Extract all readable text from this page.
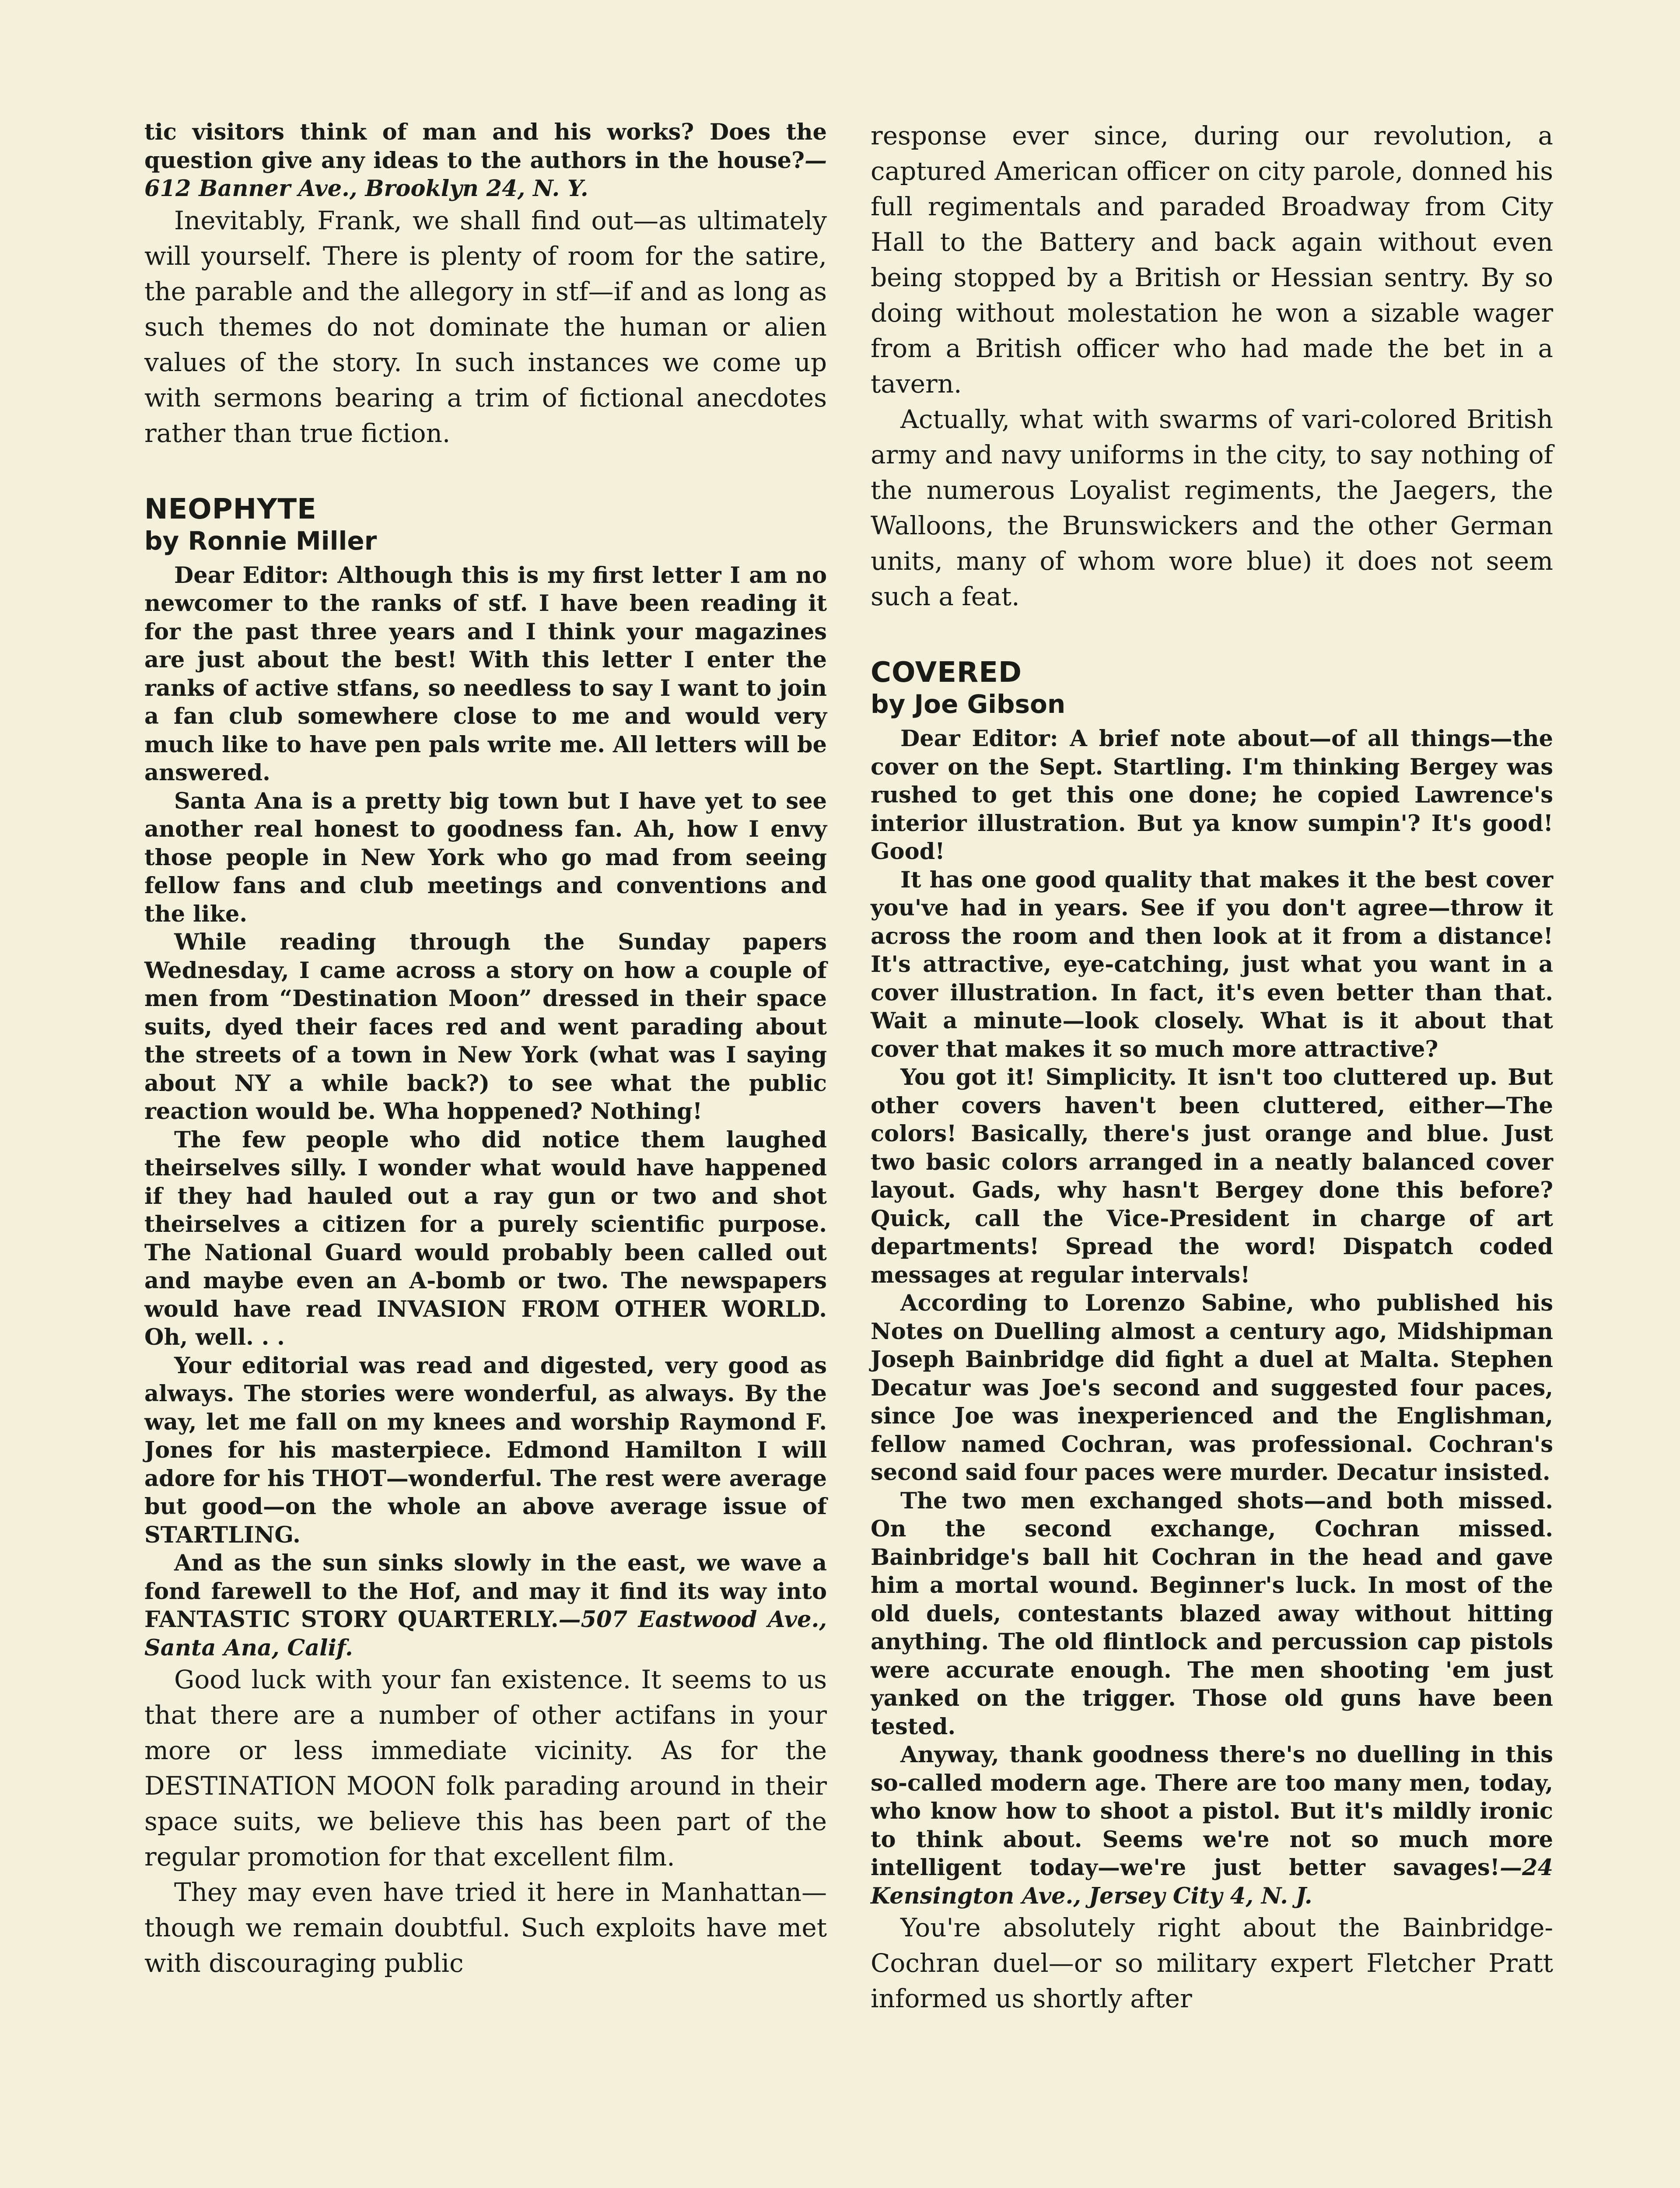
tic visitors think of man and his works? Does the question give any ideas to the authors in the house?—612 Banner Ave., Brooklyn 24, N. Y.

Inevitably, Frank, we shall find out—as ultimately will yourself. There is plenty of room for the satire, the parable and the allegory in stf—if and as long as such themes do not dominate the human or alien values of the story. In such instances we come up with sermons bearing a trim of fictional anecdotes rather than true fiction.

NEOPHYTE
by Ronnie Miller

Dear Editor: Although this is my first letter I am no newcomer to the ranks of stf. I have been reading it for the past three years and I think your magazines are just about the best! With this letter I enter the ranks of active stfans, so needless to say I want to join a fan club somewhere close to me and would very much like to have pen pals write me. All letters will be answered.

Santa Ana is a pretty big town but I have yet to see another real honest to goodness fan. Ah, how I envy those people in New York who go mad from seeing fellow fans and club meetings and conventions and the like.

While reading through the Sunday papers Wednesday, I came across a story on how a couple of men from “Destination Moon” dressed in their space suits, dyed their faces red and went parading about the streets of a town in New York (what was I saying about NY a while back?) to see what the public reaction would be. Wha hoppened? Nothing!

The few people who did notice them laughed theirselves silly. I wonder what would have happened if they had hauled out a ray gun or two and shot theirselves a citizen for a purely scientific purpose. The National Guard would probably been called out and maybe even an A-bomb or two. The newspapers would have read INVASION FROM OTHER WORLD. Oh, well. . .

Your editorial was read and digested, very good as always. The stories were wonderful, as always. By the way, let me fall on my knees and worship Raymond F. Jones for his masterpiece. Edmond Hamilton I will adore for his THOT—wonderful. The rest were average but good—on the whole an above average issue of STARTLING.

And as the sun sinks slowly in the east, we wave a fond farewell to the Hof, and may it find its way into FANTASTIC STORY QUARTERLY.—507 Eastwood Ave., Santa Ana, Calif.

Good luck with your fan existence. It seems to us that there are a number of other actifans in your more or less immediate vicinity. As for the DESTINATION MOON folk parading around in their space suits, we believe this has been part of the regular promotion for that excellent film.

They may even have tried it here in Manhattan—though we remain doubtful. Such exploits have met with discouraging public

response ever since, during our revolution, a captured American officer on city parole, donned his full regimentals and paraded Broadway from City Hall to the Battery and back again without even being stopped by a British or Hessian sentry. By so doing without molestation he won a sizable wager from a British officer who had made the bet in a tavern.

Actually, what with swarms of vari-colored British army and navy uniforms in the city, to say nothing of the numerous Loyalist regiments, the Jaegers, the Walloons, the Brunswickers and the other German units, many of whom wore blue) it does not seem such a feat.

COVERED
by Joe Gibson

Dear Editor: A brief note about—of all things—the cover on the Sept. Startling. I'm thinking Bergey was rushed to get this one done; he copied Lawrence's interior illustration. But ya know sumpin'? It's good! Good!

It has one good quality that makes it the best cover you've had in years. See if you don't agree—throw it across the room and then look at it from a distance! It's attractive, eye-catching, just what you want in a cover illustration. In fact, it's even better than that. Wait a minute—look closely. What is it about that cover that makes it so much more attractive?

You got it! Simplicity. It isn't too cluttered up. But other covers haven't been cluttered, either—The colors! Basically, there's just orange and blue. Just two basic colors arranged in a neatly balanced cover layout. Gads, why hasn't Bergey done this before? Quick, call the Vice-President in charge of art departments! Spread the word! Dispatch coded messages at regular intervals!

According to Lorenzo Sabine, who published his Notes on Duelling almost a century ago, Midshipman Joseph Bainbridge did fight a duel at Malta. Stephen Decatur was Joe's second and suggested four paces, since Joe was inexperienced and the Englishman, fellow named Cochran, was professional. Cochran's second said four paces were murder. Decatur insisted.

The two men exchanged shots—and both missed. On the second exchange, Cochran missed. Bainbridge's ball hit Cochran in the head and gave him a mortal wound. Beginner's luck. In most of the old duels, contestants blazed away without hitting anything. The old flintlock and percussion cap pistols were accurate enough. The men shooting 'em just yanked on the trigger. Those old guns have been tested.

Anyway, thank goodness there's no duelling in this so-called modern age. There are too many men, today, who know how to shoot a pistol. But it's mildly ironic to think about. Seems we're not so much more intelligent today—we're just better savages!—24 Kensington Ave., Jersey City 4, N. J.

You're absolutely right about the Bainbridge-Cochran duel—or so military expert Fletcher Pratt informed us shortly after
